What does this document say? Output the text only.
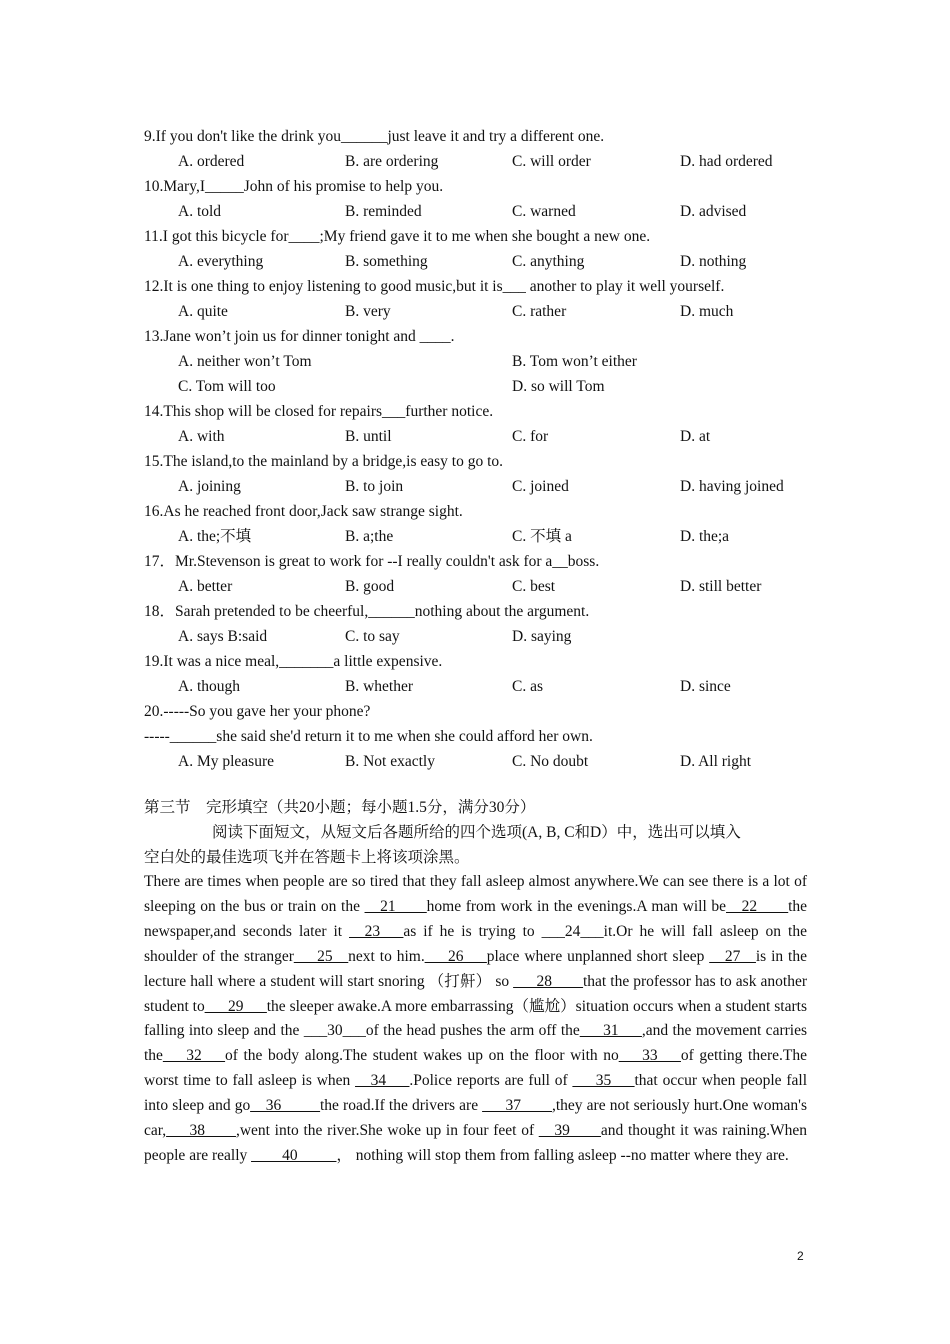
9.If you don't like the drink you______just leave it and try a different one.
A. ordered	B. are ordering	C. will order	D. had ordered
10.Mary,I_____John of his promise to help you.
A. told	B. reminded	C. warned	D. advised
11.I got this bicycle for____;My friend gave it to me when she bought a new one.
A. everything	B. something	C. anything	D. nothing
12.It is one thing to enjoy listening to good music,but it is___ another to play it well yourself.
A. quite	B. very	C. rather	D. much
13.Jane won’t join us for dinner tonight and ____.
A. neither won’t Tom	B. Tom won’t either
C. Tom will too	D. so will Tom
14.This shop will be closed for repairs___further notice.
A. with	B. until	C. for	D. at
15.The island,to the mainland by a bridge,is easy to go to.
A. joining	B. to join	C. joined	D. having joined
16.As he reached front door,Jack saw strange sight.
A. the;不填	B. a;the	C. 不填 a	D. the;a
17．Mr.Stevenson is great to work for --I really couldn't ask for a__boss.
A. better	B. good	C. best	D. still better
18．Sarah pretended to be cheerful,______nothing about the argument.
A. says B:said	C. to say	D. saying
19.It was a nice meal,_______a little expensive.
A. though	B. whether	C. as	D. since
20.-----So you gave her your phone?
-----______she said she'd return it to me when she could afford her own.
A. My pleasure	B. Not exactly	C. No doubt	D. All right
第三节　完形填空（共20小题；每小题1.5分，满分30分）
阅读下面短文，从短文后各题所给的四个选项(A, B, C和D）中，选出可以填入
空白处的最佳选项飞并在答题卡上将该项涂黑。
There are times when people are so tired that they fall asleep almost anywhere.We can see there is a lot of sleeping on the bus or train on the __21____home from work in the evenings.A man will be__22____the newspaper,and seconds later it __23___as if he is trying to ___24___it.Or he will fall asleep on the shoulder of the stranger___25__next to him.___26___place where unplanned short sleep __27__is in the lecture hall where a student will start snoring （打鼾） so ___28____that the professor has to ask another student to___29___the sleeper awake.A more embarrassing（尴尬）situation occurs when a student starts falling into sleep and the ___30___of the head pushes the arm off the___31___,and the movement carries the___32___of the body along.The student wakes up on the floor with no___33___of getting there.The worst time to fall asleep is when __34___.Police reports are full of ___35___that occur when people fall into sleep and go__36_____the road.If the drivers are ___37____,they are not seriously hurt.One woman's car,___38____,went into the river.She woke up in four feet of __39____and thought it was raining.When people are really ____40_____， nothing will stop them from falling asleep --no matter where they are.
2
